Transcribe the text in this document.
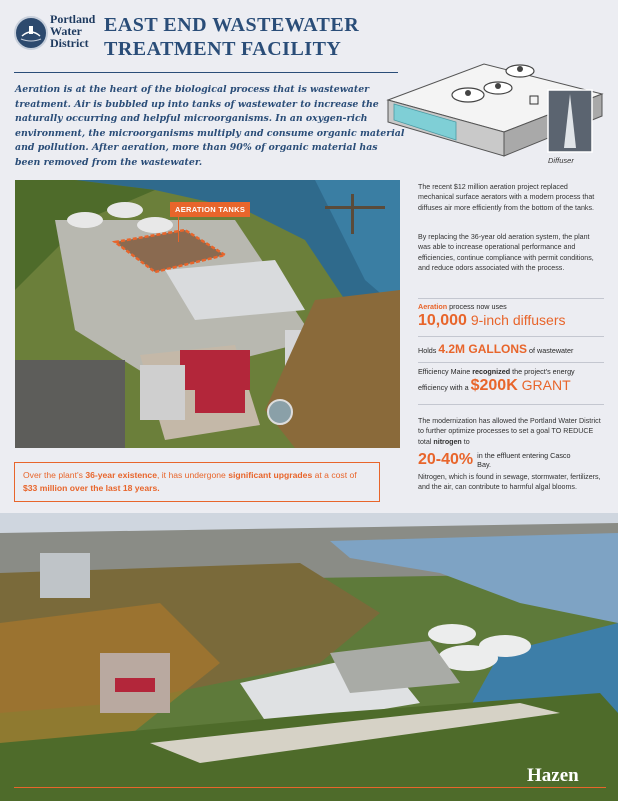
Portland
Water
District
EAST END WASTEWATER
TREATMENT FACILITY
Aeration is at the heart of the biological process that is wastewater treatment. Air is bubbled up into tanks of wastewater to increase the naturally occurring and helpful microorganisms. In an oxygen-rich environment, the microorganisms multiply and consume organic material and pollution. After aeration, more than 90% of organic material has been removed from the wastewater.	Diffuser
AERATION TANKS
Over the plant's 36-year existence, it has undergone significant upgrades at a cost of $33 million over the last 18 years.
The recent $12 million aeration project replaced mechanical surface aerators with a modern process that diffuses air more efficiently from the bottom of the tanks.
By replacing the 36-year old aeration system, the plant was able to increase operational performance and efficiencies, continue compliance with permit conditions, and reduce odors associated with the process.
Aeration process now uses
10,000 9-inch diffusers
Holds 4.2M GALLONS of wastewater
Efficiency Maine recognized the project's energy
efficiency with a $200K GRANT
The modernization has allowed the Portland Water District to further optimize processes to set a goal TO REDUCE total nitrogen to
20-40% in the effluent entering Casco Bay.
Nitrogen, which is found in sewage, stormwater, fertilizers, and the air, can contribute to harmful algal blooms.
Hazen
